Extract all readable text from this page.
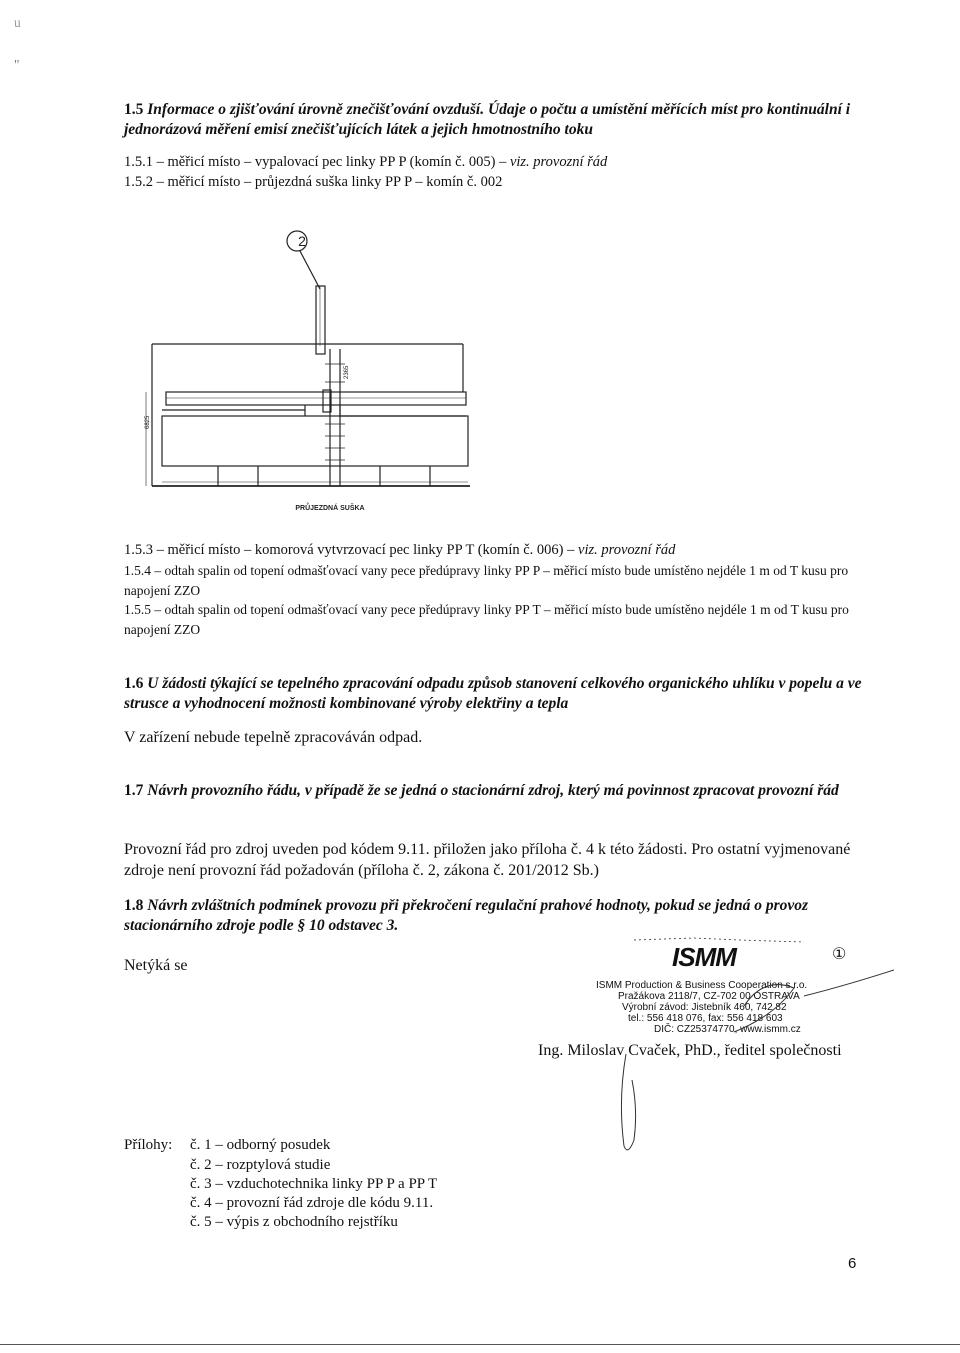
u
"
1.5 Informace o zjišťování úrovně znečišťování ovzduší. Údaje o počtu a umístění měřících míst pro kontinuální i jednorázová měření emisí znečišťujících látek a jejich hmotnostního toku
1.5.1 – měřicí místo – vypalovací pec linky PP P (komín č. 005) – viz. provozní řád
1.5.2 – měřicí místo – průjezdná suška linky PP P – komín č. 002
2
6825
2365
PRŮJEZDNÁ SUŠKA
1.5.3 – měřicí místo – komorová vytvrzovací pec linky PP T (komín č. 006) – viz. provozní řád
1.5.4 – odtah spalin od topení odmašťovací vany pece předúpravy linky PP P – měřicí místo bude umístěno nejdéle 1 m od T kusu pro napojení ZZO
1.5.5 – odtah spalin od topení odmašťovací vany pece předúpravy linky PP T – měřicí místo bude umístěno nejdéle 1 m od T kusu pro napojení ZZO
1.6 U žádosti týkající se tepelného zpracování odpadu způsob stanovení celkového organického uhlíku v popelu a ve strusce a vyhodnocení možnosti kombinované výroby elektřiny a tepla
V zařízení nebude tepelně zpracováván odpad.
1.7 Návrh provozního řádu, v případě že se jedná o stacionární zdroj, který má povinnost zpracovat provozní řád
Provozní řád pro zdroj uveden pod kódem 9.11. přiložen jako příloha č. 4 k této žádosti. Pro ostatní vyjmenované zdroje není provozní řád požadován (příloha č. 2, zákona č. 201/2012 Sb.)
1.8 Návrh zvláštních podmínek provozu při překročení regulační prahové hodnoty, pokud se jedná o provoz stacionárního zdroje podle § 10 odstavec 3.
Netýká se	ISMM	①
ISMM Production & Business Cooperation s.r.o.
Pražákova 2118/7, CZ-702 00 OSTRAVA
Výrobní závod: Jistebník 460, 742 82
tel.: 556 418 076, fax: 556 418 603
DIČ: CZ25374770, www.ismm.cz
Ing. Miloslav Cvaček, PhD., ředitel společnosti
Přílohy: č. 1 – odborný posudek
č. 2 – rozptylová studie
č. 3 – vzduchotechnika linky PP P a PP T
č. 4 – provozní řád zdroje dle kódu 9.11.
č. 5 – výpis z obchodního rejstříku
6
